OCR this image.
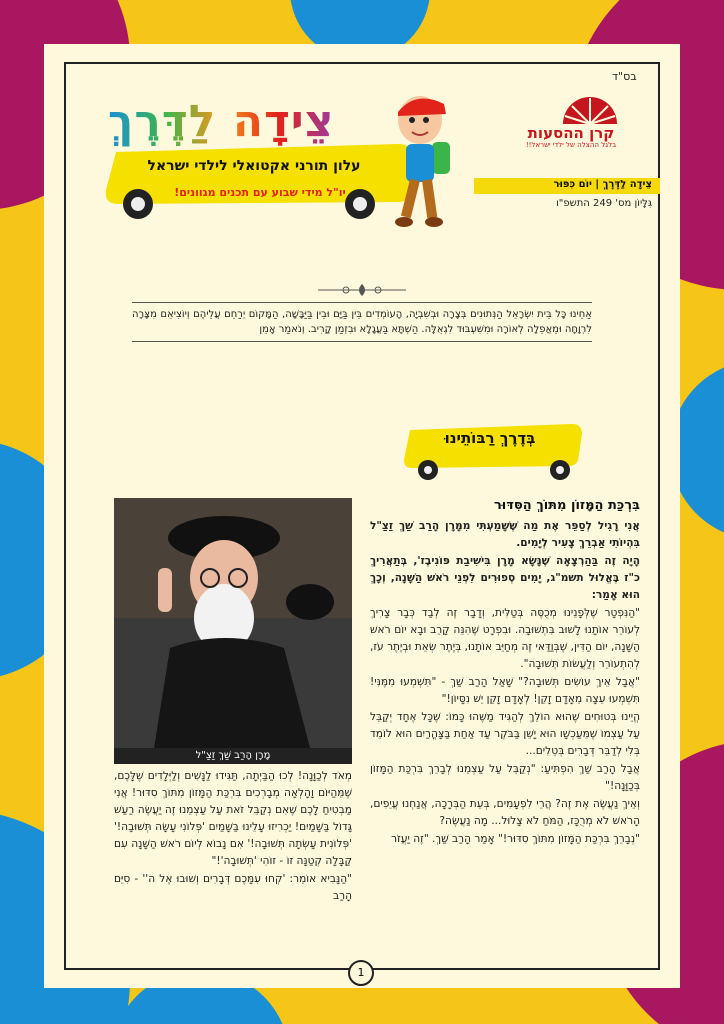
בס"ד
צֵידָה לַדֶּרֶךְ
עלון תורני אקטואלי לילדי ישראל
יו"ל מידי שבוע עם תכנים מגוונים!
קרן ההסעות
בלגל ההצלה של ילדי ישראל!!
צֵידָה לַדֶּרֶךְ | יוֹם כִּפּוּר
גִּלָּיוֹן מס' 249 התשפ"ו
אַחֵינוּ כָּל בֵּית יִשְׂרָאֵל הַנְּתוּנִים בְּצָרָה וּבְשִׁבְיָה, הָעוֹמְדִים בֵּין בַּיָּם וּבֵין בַּיַּבָּשָׁה, הַמָּקוֹם יְרַחֵם עֲלֵיהֶם וְיוֹצִיאֵם מִצָּרָה לִרְוָחָה וּמֵאֲפֵלָה לְאוֹרָה וּמִשִּׁעְבּוּד לִגְאֻלָּה. הַשְׁתָּא בַּעֲגָלָא וּבִזְמַן קָרִיב. וְנֹאמַר אָמֵן
בְּדֶרֶךְ רַבּוֹתֵינוּ
בִּרְכַּת הַמָּזוֹן מִתּוֹךְ הַסִּדּוּר

אֲנִי רָגִיל לְסַפֵּר אֶת מַה שֶּׁשָּׁמַעְתִּי מִמָּרָן הָרַב שַׁךְ זַצַ"ל בִּהְיוֹתִי אַבְרֵךְ צָעִיר לְיָמִים.

הָיָה זֶה בַּהַרְצָאָה שֶׁנָּשָׂא מָרָן בִּישִׁיבַת פּוֹנִיבֶז', בְּתַאֲרִיךְ כ"ז בֶּאֱלוּל תשמ"ג, יָמִים סְפוּרִים לִפְנֵי רֹאשׁ הַשָּׁנָה, וְכָךְ הוּא אָמַר:

"הַנִּפְטָר שֶׁלְּפָנֵינוּ מְכֻסֶּה בְּטַלִּית, וְדָבָר זֶה לְבַד כְּבָר צָרִיךְ לְעוֹרֵר אוֹתָנוּ לָשׁוּב בִּתְשׁוּבָה. וּבִפְרָט שֶׁהִנֵּה קָרֵב וּבָא יוֹם רֹאשׁ הַשָּׁנָה, יוֹם הַדִּין, שֶׁבְּוַדַּאי זֶה מְחַיֵּב אוֹתָנוּ, בְּיֶתֶר שְׂאֵת וּבְיֶתֶר עֹז, לְהִתְעוֹרֵר וְלַעֲשׂוֹת תְּשׁוּבָה".

"אֲבָל אֵיךְ עוֹשִׂים תְּשׁוּבָה?" שָׁאַל הָרַב שַׁךְ - "תִּשְׁמְעוּ מִמֶּנִּי! תִּשְׁמְעוּ עֵצָה מֵאָדָם זָקֵן! לְאָדָם זָקֵן יֵשׁ נִסָּיוֹן!"

הֱיֵינוּ בְּטוּחִים שֶׁהוּא הוֹלֵךְ לְהַגִּיד מַשֶּׁהוּ כָּמוֹ: שֶׁכָּל אֶחָד יְקַבֵּל עַל עַצְמוֹ שֶׁמֵּעַכְשָׁו הוּא יָשֵׁן בַּבֹּקֶר עַד אַחַת בַּצָּהֳרַיִם הוּא לוֹמֵד בְּלִי לְדַבֵּר דְּבָרִים בְּטֵלִים...

אֲבָל הָרַב שַׁךְ הִפְתִּיעַ: "נְקַבֵּל עַל עַצְמֵנוּ לְבָרֵךְ בִּרְכַּת הַמָּזוֹן בְּכַוָּנָה!"

וְאֵיךְ נַעֲשֶׂה אֶת זֶה? הֲרֵי לִפְעָמִים, בְּעֵת הַבְּרָכָה, אֲנַחְנוּ עֲיֵפִים, הָרֹאשׁ לֹא מְרֻכָּז, הַמֹּחַ לֹא צָלוּל... מָה נַעֲשֶׂה?

"נְבָרֵךְ בִּרְכַּת הַמָּזוֹן מִתּוֹךְ סִדּוּר!" אָמַר הָרַב שַׁךְ. "זֶה יַעֲזֹר

מָרָן הָרַב שַׁךְ זַצַ"ל

מְאֹד לְכַוָּנָה! לְכוּ הַבַּיְתָה, תַּגִּידוּ לַנָּשִׁים וְלַיְּלָדִים שֶׁלָּכֶם, שֶׁמֵּהַיּוֹם וָהָלְאָה מְבָרְכִים בִּרְכַּת הַמָּזוֹן מִתּוֹךְ סִדּוּר! אֲנִי מַבְטִיחַ לָכֶם שֶׁאִם נְקַבֵּל זֹאת עַל עַצְמֵנוּ זֶה יַעֲשֶׂה רַעַשׁ גָּדוֹל בַּשָּׁמַיִם! יַכְרִיזוּ עָלֵינוּ בַּשָּׁמַיִם 'פְּלוֹנִי עָשָׂה תְּשׁוּבָה!' 'פְּלוֹנִית עָשְׂתָה תְּשׁוּבָה!' אִם נָבוֹא לְיוֹם רֹאשׁ הַשָּׁנָה עִם קַבָּלָה קְטַנָּה זוֹ - זוֹהִי 'תְּשׁוּבָה'!"

"הַנָּבִיא אוֹמֵר: 'קְחוּ עִמָּכֶם דְּבָרִים וְשׁוּבוּ אֶל ה'' - סִיֵּם הָרַב

1
